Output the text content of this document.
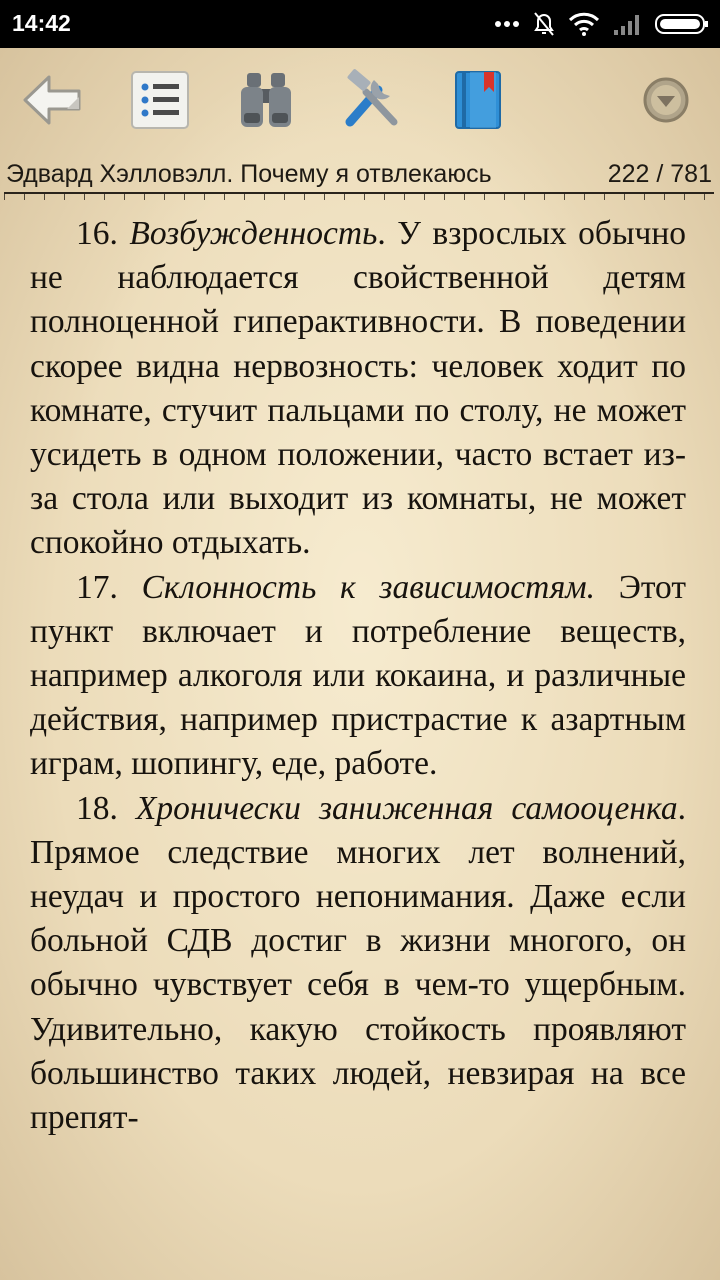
14:42
Эдвард Хэлловэлл. Почему я отвлекаюсь	222 / 781

16. Возбужденность. У взрослых обычно не наблюдается свойственной детям полноценной гиперактивности. В поведении скорее видна нервозность: человек ходит по комнате, стучит пальцами по столу, не может усидеть в одном положении, часто встает из-за стола или выходит из комнаты, не может спокойно отдыхать.

17. Склонность к зависимостям. Этот пункт включает и потребление веществ, например алкоголя или кокаина, и различные действия, например пристрастие к азартным играм, шопингу, еде, работе.

18. Хронически заниженная самооценка. Прямое следствие многих лет волнений, неудач и простого непонимания. Даже если больной СДВ достиг в жизни многого, он обычно чувствует себя в чем-то ущербным. Удивительно, какую стойкость проявляют большинство таких людей, невзирая на все препят-
